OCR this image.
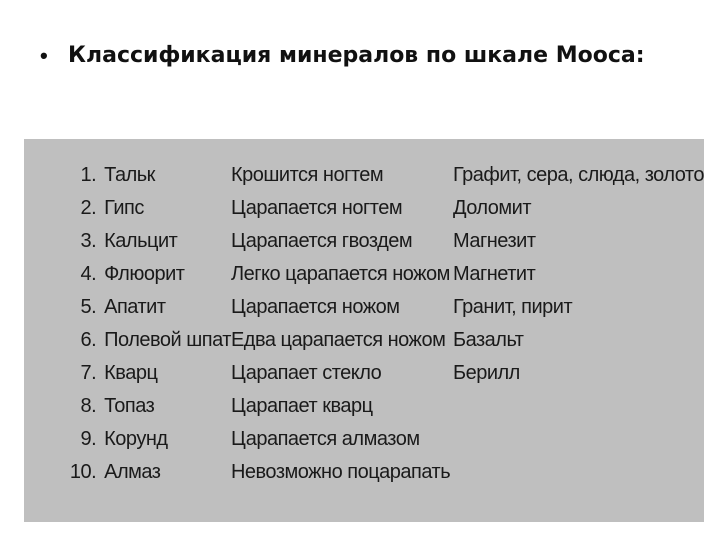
• Классификация минералов по шкале Мооса:
1.	Тальк	Крошится ногтем	Графит, сера, слюда, золото
2.	Гипс	Царапается ногтем	Доломит
3.	Кальцит	Царапается гвоздем	Магнезит
4.	Флюорит	Легко царапается ножом	Магнетит
5.	Апатит	Царапается ножом	Гранит, пирит
6.	Полевой шпат	Едва царапается ножом	Базальт
7.	Кварц	Царапает стекло	Берилл
8.	Топаз	Царапает кварц	
9.	Корунд	Царапается алмазом	
10.	Алмаз	Невозможно поцарапать	
